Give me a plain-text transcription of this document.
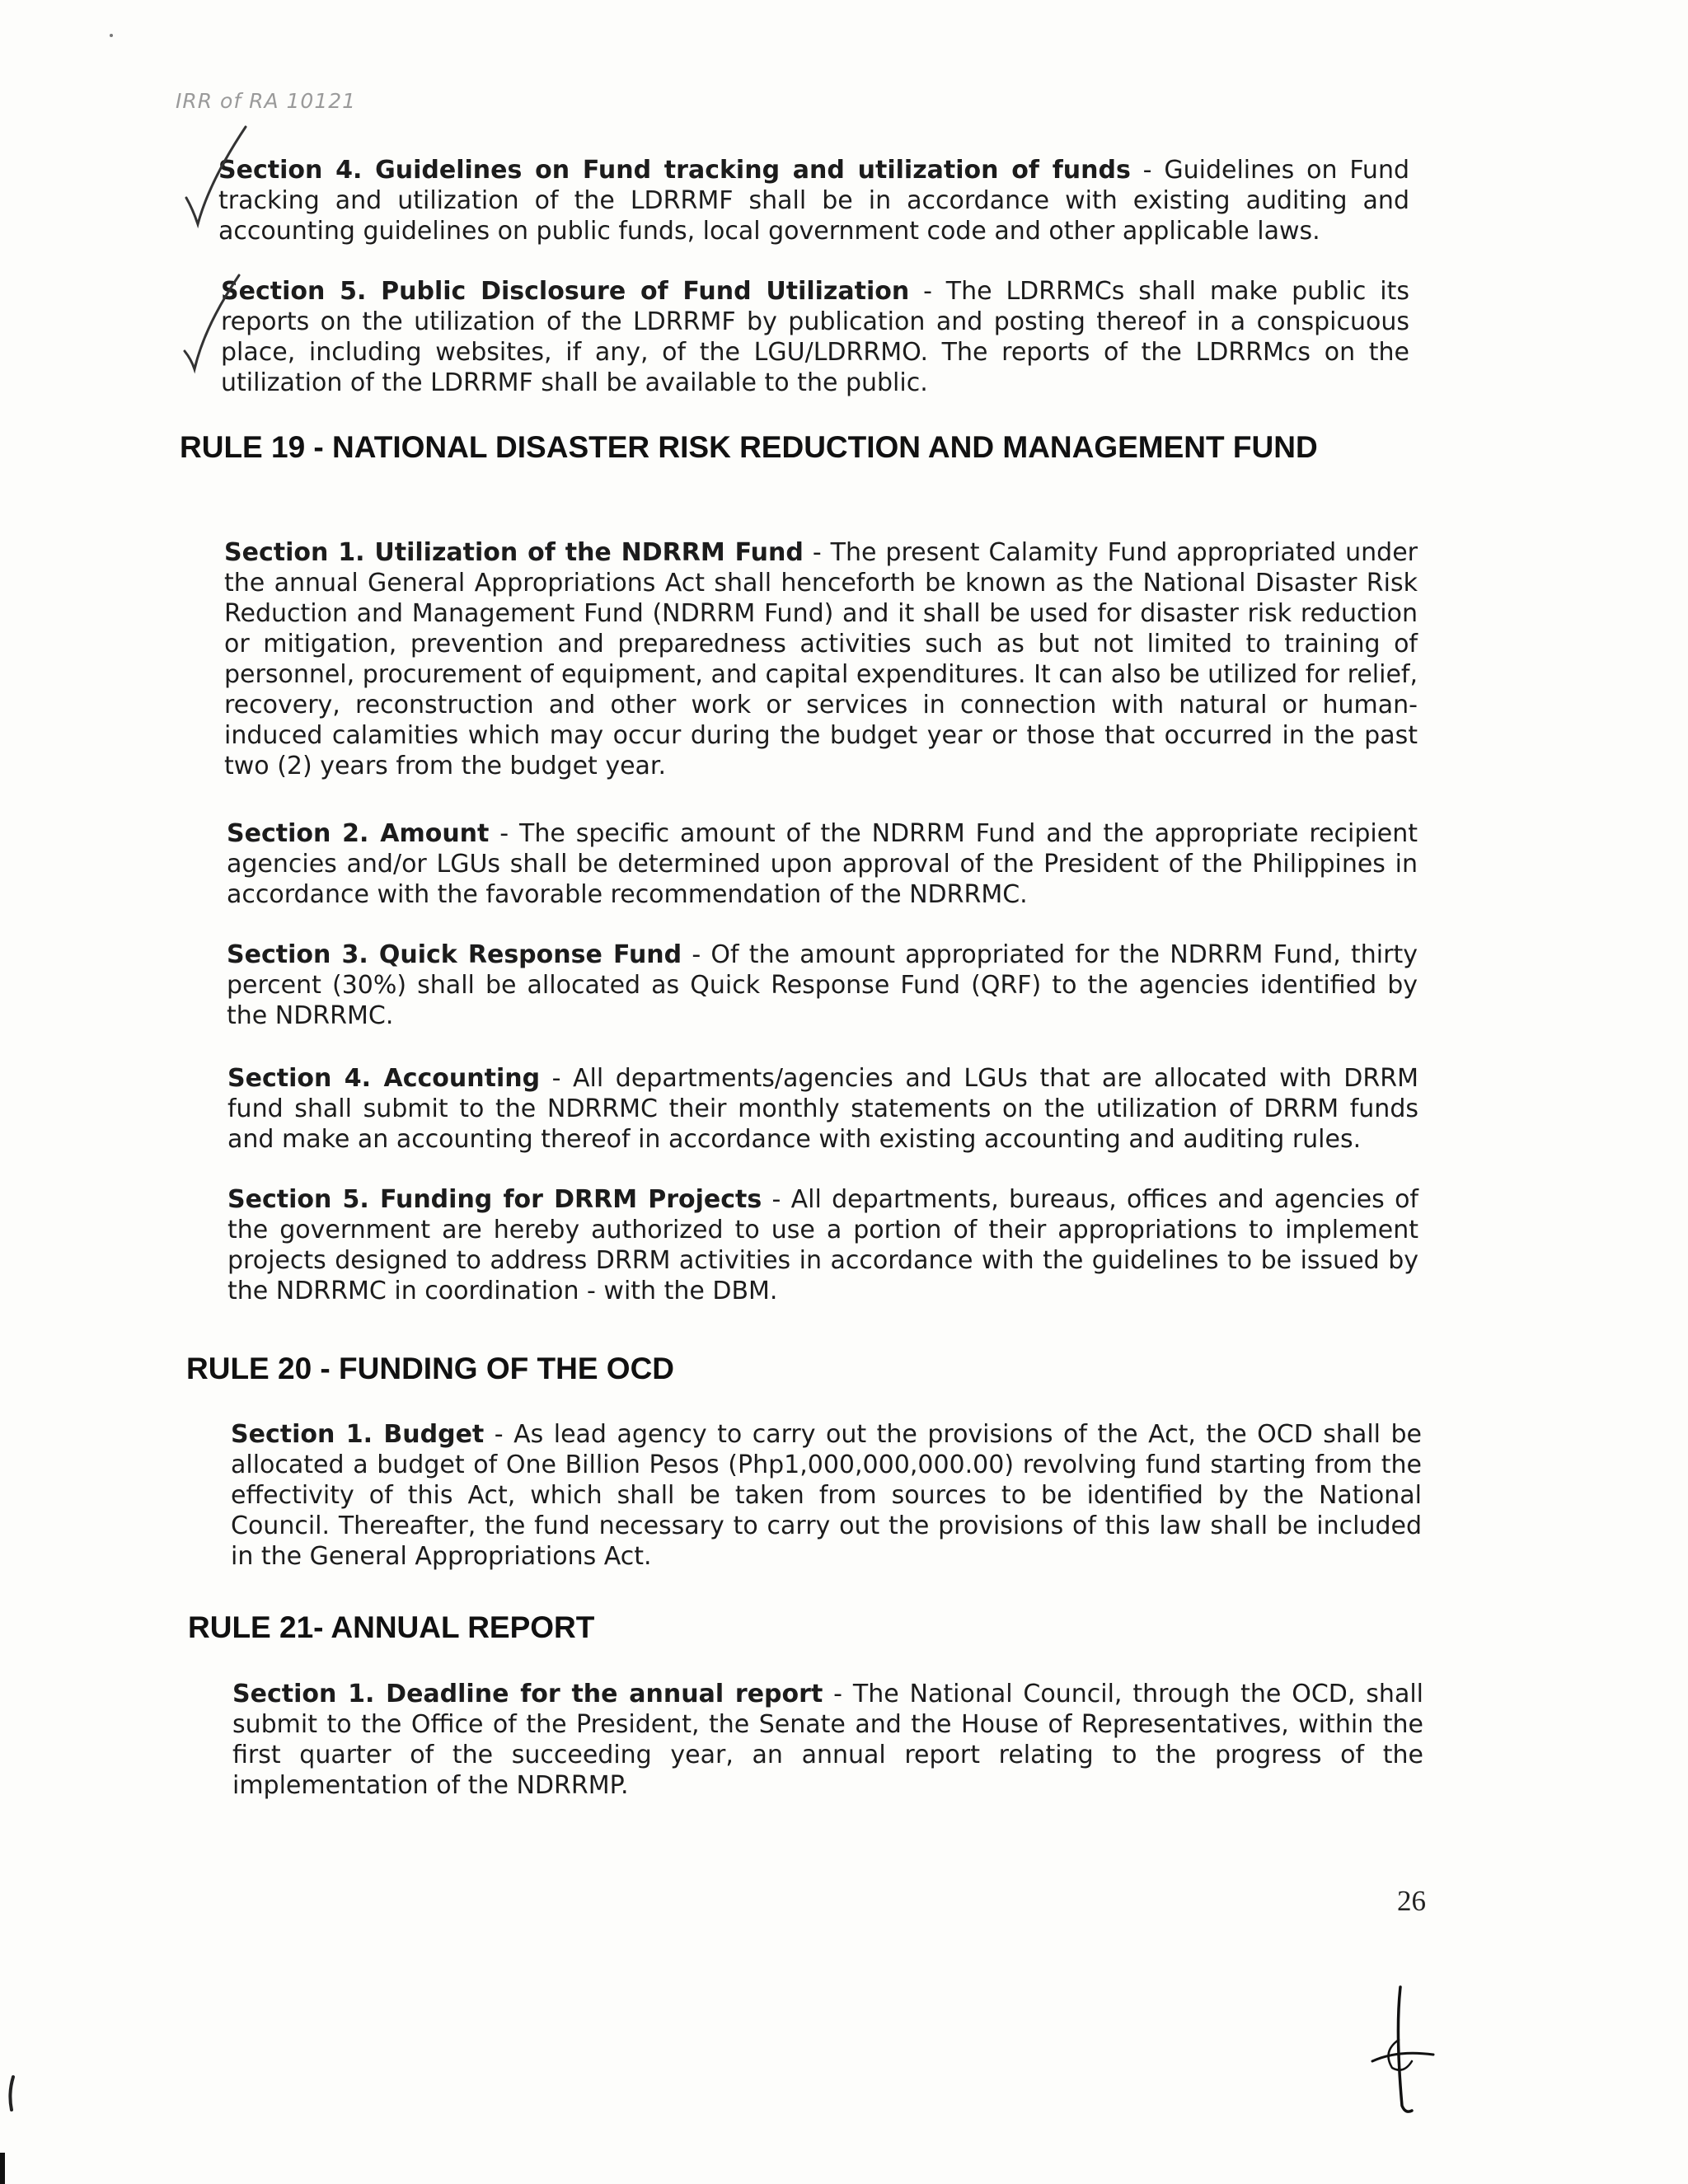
IRR of RA 10121

Section 4. Guidelines on Fund tracking and utilization of funds - Guidelines on Fund tracking and utilization of the LDRRMF shall be in accordance with existing auditing and accounting guidelines on public funds, local government code and other applicable laws.

Section 5. Public Disclosure of Fund Utilization - The LDRRMCs shall make public its reports on the utilization of the LDRRMF by publication and posting thereof in a conspicuous place, including websites, if any, of the LGU/LDRRMO. The reports of the LDRRMcs on the utilization of the LDRRMF shall be available to the public.

RULE 19 - NATIONAL DISASTER RISK REDUCTION AND MANAGEMENT FUND

Section 1. Utilization of the NDRRM Fund - The present Calamity Fund appropriated under the annual General Appropriations Act shall henceforth be known as the National Disaster Risk Reduction and Management Fund (NDRRM Fund) and it shall be used for disaster risk reduction or mitigation, prevention and preparedness activities such as but not limited to training of personnel, procurement of equipment, and capital expenditures. It can also be utilized for relief, recovery, reconstruction and other work or services in connection with natural or human-induced calamities which may occur during the budget year or those that occurred in the past two (2) years from the budget year.

Section 2. Amount - The specific amount of the NDRRM Fund and the appropriate recipient agencies and/or LGUs shall be determined upon approval of the President of the Philippines in accordance with the favorable recommendation of the NDRRMC.

Section 3. Quick Response Fund - Of the amount appropriated for the NDRRM Fund, thirty percent (30%) shall be allocated as Quick Response Fund (QRF) to the agencies identified by the NDRRMC.

Section 4. Accounting - All departments/agencies and LGUs that are allocated with DRRM fund shall submit to the NDRRMC their monthly statements on the utilization of DRRM funds and make an accounting thereof in accordance with existing accounting and auditing rules.

Section 5. Funding for DRRM Projects - All departments, bureaus, offices and agencies of the government are hereby authorized to use a portion of their appropriations to implement projects designed to address DRRM activities in accordance with the guidelines to be issued by the NDRRMC in coordination - with the DBM.

RULE 20 - FUNDING OF THE OCD

Section 1. Budget - As lead agency to carry out the provisions of the Act, the OCD shall be allocated a budget of One Billion Pesos (Php1,000,000,000.00) revolving fund starting from the effectivity of this Act, which shall be taken from sources to be identified by the National Council. Thereafter, the fund necessary to carry out the provisions of this law shall be included in the General Appropriations Act.

RULE 21- ANNUAL REPORT

Section 1. Deadline for the annual report - The National Council, through the OCD, shall submit to the Office of the President, the Senate and the House of Representatives, within the first quarter of the succeeding year, an annual report relating to the progress of the implementation of the NDRRMP.

26
